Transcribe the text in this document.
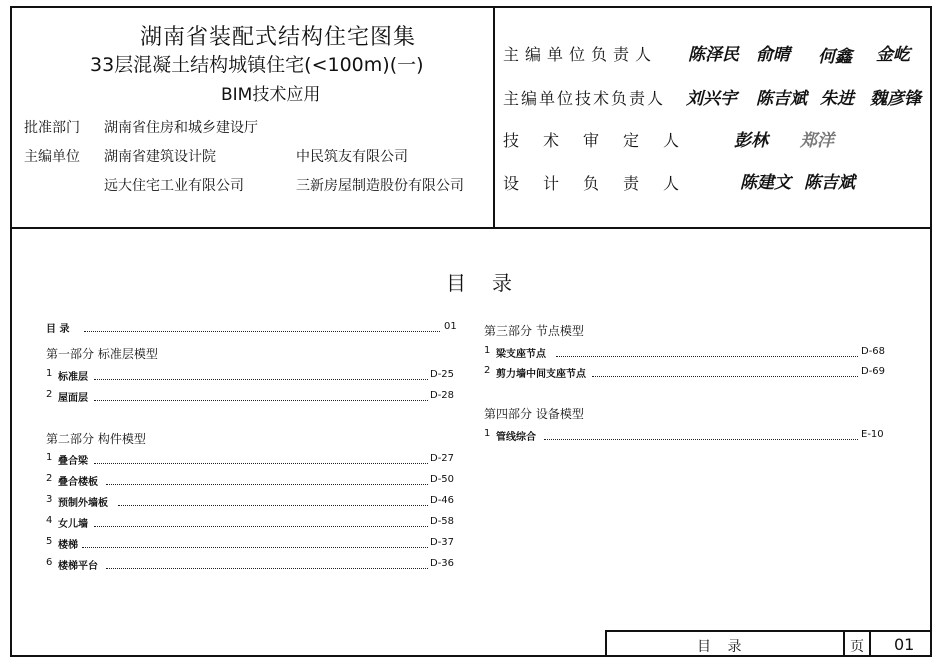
湖南省装配式结构住宅图集
33层混凝土结构城镇住宅(<100m)(一)
BIM技术应用
批准部门 湖南省住房和城乡建设厅
主编单位 湖南省建筑设计院	中民筑友有限公司
远大住宅工业有限公司	三新房屋制造股份有限公司
主编单位负责人 陈泽民 俞晴 何鑫 金屹
主编单位技术负责人 刘兴宇 陈吉斌 朱进 魏彦锋
技术审定人 彭林 郑洋
设计负责人 陈建文 陈吉斌
目录
目 录	01
第一部分 标准层模型
1 标准层	D-25
2 屋面层	D-28
第二部分 构件模型
1 叠合梁	D-27
2 叠合楼板	D-50
3 预制外墙板	D-46
4 女儿墙	D-58
5 楼梯	D-37
6 楼梯平台	D-36
第三部分 节点模型
1 梁支座节点	D-68
2 剪力墙中间支座节点	D-69
第四部分 设备模型
1 管线综合	E-10
目 录	页 01
